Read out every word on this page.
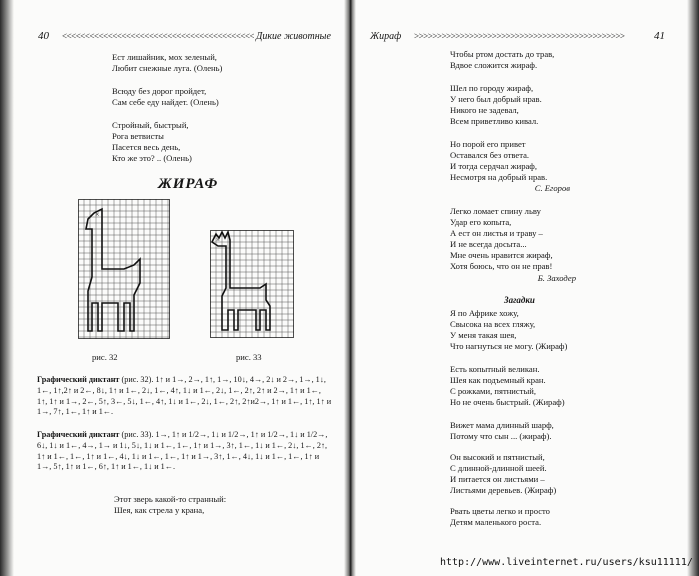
40 <<<<<<<<<<<<<<<<<<<<<<<<<<<<<<<<<<<<<<<<<< Дикие животные
Ест лишайник, мох зеленый,
Любит снежные луга. (Олень)
Всюду без дорог пройдет,
Сам себе еду найдет. (Олень)
Стройный, быстрый,
Рога ветвисты
Пасется весь день,
Кто же это? .. (Олень)
ЖИРАФ
×
рис. 32
×
рис. 33
Графический диктант (рис. 32). 1↑ и 1→, 2→, 1↑, 1→, 10↓, 4→, 2↓ и 2→, 1→, 1↓, 1←, 1↑,2↑ и 2←, 8↓, 1↑ и 1←, 2↓, 1←, 4↑, 1↓ и 1←, 2↓, 1←, 2↑, 2↑ и 2→, 1↑ и 1←, 1↑, 1↑ и 1→, 2←, 5↑, 3←, 5↓, 1←, 4↑, 1↓ и 1←, 2↓, 1←, 2↑, 2↑и2→, 1↑ и 1←, 1↑, 1↑ и 1→, 7↑, 1←, 1↑ и 1←.
Графический диктант (рис. 33). 1→, 1↑ и 1/2→, 1↓ и 1/2→, 1↑ и 1/2→, 1↓ и 1/2→, 6↓, 1↓ и 1←, 4→, 1→ и 1↓, 5↓, 1↓ и 1←, 1←, 1↑ и 1→, 3↑, 1←, 1↓ и 1←, 2↓, 1←, 2↑, 1↑ и 1←, 1←, 1↑ и 1←, 4↓, 1↓ и 1←, 1←, 1↑ и 1→, 3↑, 1←, 4↓, 1↓ и 1←, 1←, 1↑ и 1→, 5↑, 1↑ и 1←, 6↑, 1↑ и 1←, 1↓ и 1←.
Этот зверь какой-то странный:
Шея, как стрела у крана,
Жираф >>>>>>>>>>>>>>>>>>>>>>>>>>>>>>>>>>>>>>>>>>>>>>	41
Чтобы ртом достать до трав,
Вдвое сложится жираф.
Шел по городу жираф,
У него был добрый нрав.
Никого не задевал,
Всем приветливо кивал.
Но порой его привет
Оставался без ответа.
И тогда сердчал жираф,
Несмотря на добрый нрав.
С. Егоров
Легко ломает спину льву
Удар его копыта,
А ест он листья и траву –
И не всегда досыта...
Мне очень нравится жираф,
Хотя боюсь, что он не прав!
Б. Заходер
Загадки
Я по Африке хожу,
Свысока на всех гляжу,
У меня такая шея,
Что нагнуться не могу. (Жираф)
Есть копытный великан.
Шея как подъемный кран.
С рожками, пятнистый,
Но не очень быстрый. (Жираф)
Вижет мама длинный шарф,
Потому что сын ... (жираф).
Он высокий и пятнистый,
С длинной-длинной шеей.
И питается он листьями –
Листьями деревьев. (Жираф)
Рвать цветы легко и просто
Детям маленького роста.
http://www.liveinternet.ru/users/ksu11111/
